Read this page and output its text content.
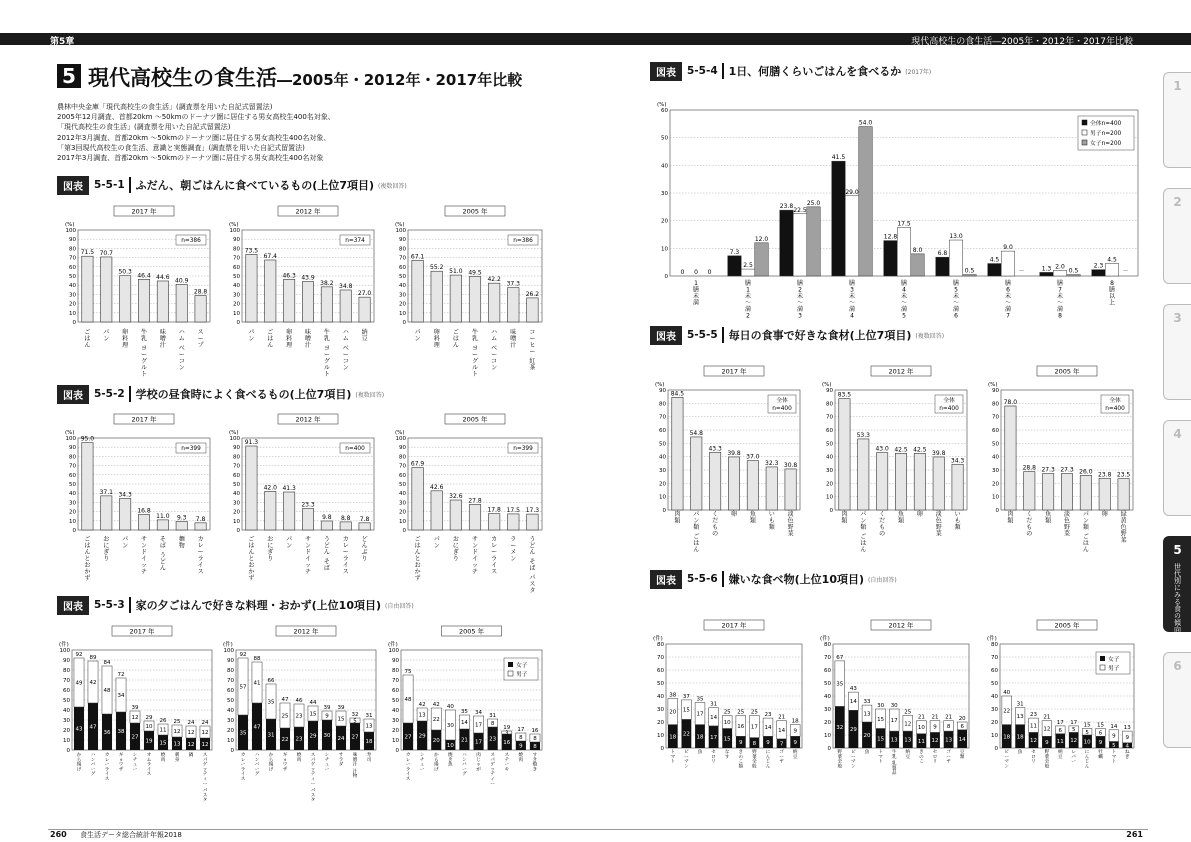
第5章	現代高校生の食生活―2005年・2012年・2017年比較
5 現代高校生の食生活―2005年・2012年・2017年比較
農林中央金庫「現代高校生の食生活」(調査票を用いた自記式留置法)
2005年12月調査、首都20km ～50kmのドーナツ圏に居住する男女高校生400名対象、
「現代高校生の食生活」(調査票を用いた自記式留置法)
2012年3月調査、首都20km ～50kmのドーナツ圏に居住する男女高校生400名対象、
「第3回現代高校生の食生活、意識と実態調査」(調査票を用いた自記式留置法)
2017年3月調査、首都20km ～50kmのドーナツ圏に居住する男女高校生400名対象
図表	5-5-1 ふだん、朝ごはんに食べているもの(上位7項目) (複数回答)
図表	5-5-2 学校の昼食時によく食べるもの(上位7項目) (複数回答)
図表	5-5-3 家の夕ごはんで好きな料理・おかず(上位10項目) (自由回答)
図表	5-5-4 1日、何膳くらいごはんを食べるか (2017年)
図表	5-5-5 毎日の食事で好きな食材(上位7項目) (複数回答)
図表	5-5-6 嫌いな食べ物(上位10項目) (自由回答)
0
10
20
30
40
50
60
70
80
90
100
(%)
2017 年
71.5
ご
は
ん
70.7
パ
ン
50.3
卵
料
理
46.4
牛
乳
ヨ
ー
グ
ル
ト
44.6
味
噌
汁
40.9
ハ
ム
ベ
ー
コ
ン
28.8
ス
ー
プ
n=386
0
10
20
30
40
50
60
70
80
90
100
(%)
2012 年
73.5
パ
ン
67.4
ご
は
ん
46.3
卵
料
理
43.9
味
噌
汁
38.2
牛
乳
ヨ
ー
グ
ル
ト
34.8
ハ
ム
ベ
ー
コ
ン
27.0
納
豆
n=374
0
10
20
30
40
50
60
70
80
90
100
(%)
2005 年
67.1
パ
ン
55.2
卵
料
理
51.0
ご
は
ん
49.5
牛
乳
ヨ
ー
グ
ル
ト
42.2
ハ
ム
ベ
ー
コ
ン
37.3
味
噌
汁
26.2
コ
ー
ヒ
ー
紅
茶
n=386
0
10
20
30
40
50
60
70
80
90
100
(%)
2017 年
95.0
ご
は
ん
と
お
か
ず
37.1
お
に
ぎ
り
34.3
パ
ン
16.8
サ
ン
ド
イ
ッ
チ
11.0
そ
ば
う
ど
ん
9.3
麺
物
7.8
カ
レ
ー
ラ
イ
ス
n=399
0
10
20
30
40
50
60
70
80
90
100
(%)
2012 年
91.3
ご
は
ん
と
お
か
ず
42.0
お
に
ぎ
り
41.3
パ
ン
23.3
サ
ン
ド
イ
ッ
チ
9.8
う
ど
ん
そ
ば
8.8
カ
レ
ー
ラ
イ
ス
7.8
ど
ん
ぶ
り
n=400
0
10
20
30
40
50
60
70
80
90
100
(%)
2005 年
67.9
ご
は
ん
と
お
か
ず
42.6
パ
ン
32.6
お
に
ぎ
り
27.8
サ
ン
ド
イ
ッ
チ
17.8
カ
レ
ー
ラ
イ
ス
17.5
ラ
ー
メ
ン
17.3
う
ど
ん
そ
ば
パ
ス
タ
n=399
0
10
20
30
40
50
60
70
80
90
100
(件)
2017 年
43
49
92
か
ら
揚
げ
47
42
89
ハ
ン
バ
ー
グ
36
48
84
カ
レ
ー
ラ
イ
ス
38
34
72
ギ
ョ
ウ
ザ
27
12
39
シ
チ
ュ
ー
19
10
29
オ
ム
ラ
イ
ス
15
11
26
焼
肉
13
12
25
刺
身
12
12
24
鍋
12
12
24
ス
パ
ゲ
ッ
テ
ィ
ー
パ
ス
タ
0
10
20
30
40
50
60
70
80
90
100
(件)
2012 年
35
57
92
カ
レ
ー
ラ
イ
ス
47
41
88
ハ
ン
バ
ー
グ
31
35
66
か
ら
揚
げ
22
25
47
ギ
ョ
ウ
ザ
23
23
46
焼
肉
29
15
44
ス
パ
ゲ
ッ
テ
ィ
ー
パ
ス
タ
30
9
39
シ
チ
ュ
ー
24
15
39
サ
ラ
ダ
27
5
32
味
噌
汁
汁
物
18
13
31
寿
司
0
10
20
30
40
50
60
70
80
90
100
(件)
2005 年
27
48
75
カ
レ
ー
ラ
イ
ス
29
13
42
シ
チ
ュ
ー
20
22
42
か
ら
揚
げ
10
30
40
焼
き
魚
21
14
35
ハ
ン
バ
ー
グ
17
17
34
肉
じ
ゃ
が
23
8
31
ス
パ
ゲ
ッ
テ
ィ
ー
16
3
19
ス
テ
ー
キ
9
8
17
焼
肉
8
8
16
す
き
焼
き
女子
男子
0
10
20
30
40
50
60
70
80
90
(%)
2017 年
84.5
肉
類
54.8
パ
ン
類
ご
は
ん
43.3
く
だ
も
の
39.8
卵
37.0
魚
類
32.3
い
も
類
30.8
淡
色
野
菜
全体
n=400
0
10
20
30
40
50
60
70
80
90
(%)
2012 年
83.5
肉
類
53.3
パ
ン
類
ご
は
ん
43.0
く
だ
も
の
42.5
魚
類
42.5
卵
39.8
淡
色
野
菜
34.3
い
も
類
全体
n=400
0
10
20
30
40
50
60
70
80
90
(%)
2005 年
78.0
肉
類
28.8
く
だ
も
の
27.3
魚
類
27.3
淡
色
野
菜
26.0
パ
ン
類
ご
は
ん
23.8
卵
23.5
緑
黄
色
野
菜
全体
n=400
0
10
20
30
40
50
60
70
80
(件)
2017 年
18
20
38
ト
マ
ト
22
15
37
ピ
ー
マ
ン
18
17
35
魚
17
14
31
セ
ロ
リ
15
10
25
な
す
9
16
25
き
の
こ
類
8
17
25
野
菜
全
般
9
14
23
に
ん
じ
ん
7
14
21
ゴ
ー
ヤ
9
9
18
納
豆
0
10
20
30
40
50
60
70
80
(件)
2012 年
32
35
67
野
菜
全
般
29
14
43
ピ
ー
マ
ン
20
13
33
魚
15
15
30
ト
マ
ト
13
17
30
牛
乳
乳
製
品
13
12
25
納
豆
11
10
21
き
の
こ
12
9
21
セ
ロ
リ
13
8
21
ゴ
ー
ヤ
14
6
20
豆
類
0
10
20
30
40
50
60
70
80
(件)
2005 年
18
22
40
ピ
ー
マ
ン
18
13
31
魚
12
11
23
セ
ロ
リ
9
12
21
野
菜
全
般
11
6
17
納
豆
12
5
17
レ
バ
ー
10
5
15
に
ん
じ
ん
9
6
15
牡
蠣
5
9
14
ト
マ
ト
4
9
13
ね
ぎ
女子
男子
0
10
20
30
40
50
60
(%)
0 0 0
1
膳
未
満
7.3
2.5
12.0
膳
1
未
～
満
2
23.8
22.5
25.0
膳
2
未
～
満
3
41.5
29.0
54.0
膳
3
未
～
満
4
12.8
17.5
8.0
膳
4
未
～
満
5
6.8
13.0
0.5
膳
5
未
～
満
6
4.5
9.0
－
膳
6
未
～
満
7
1.3 2.0
0.5
膳
7
未
～
満
8
2.3
4.5
－
8
膳
以
上
全体n=400
男子n=200
女子n=200
1
2
3
4
5
世代別にみる食の傾向
6
260 食生活データ総合統計年報2018	261
